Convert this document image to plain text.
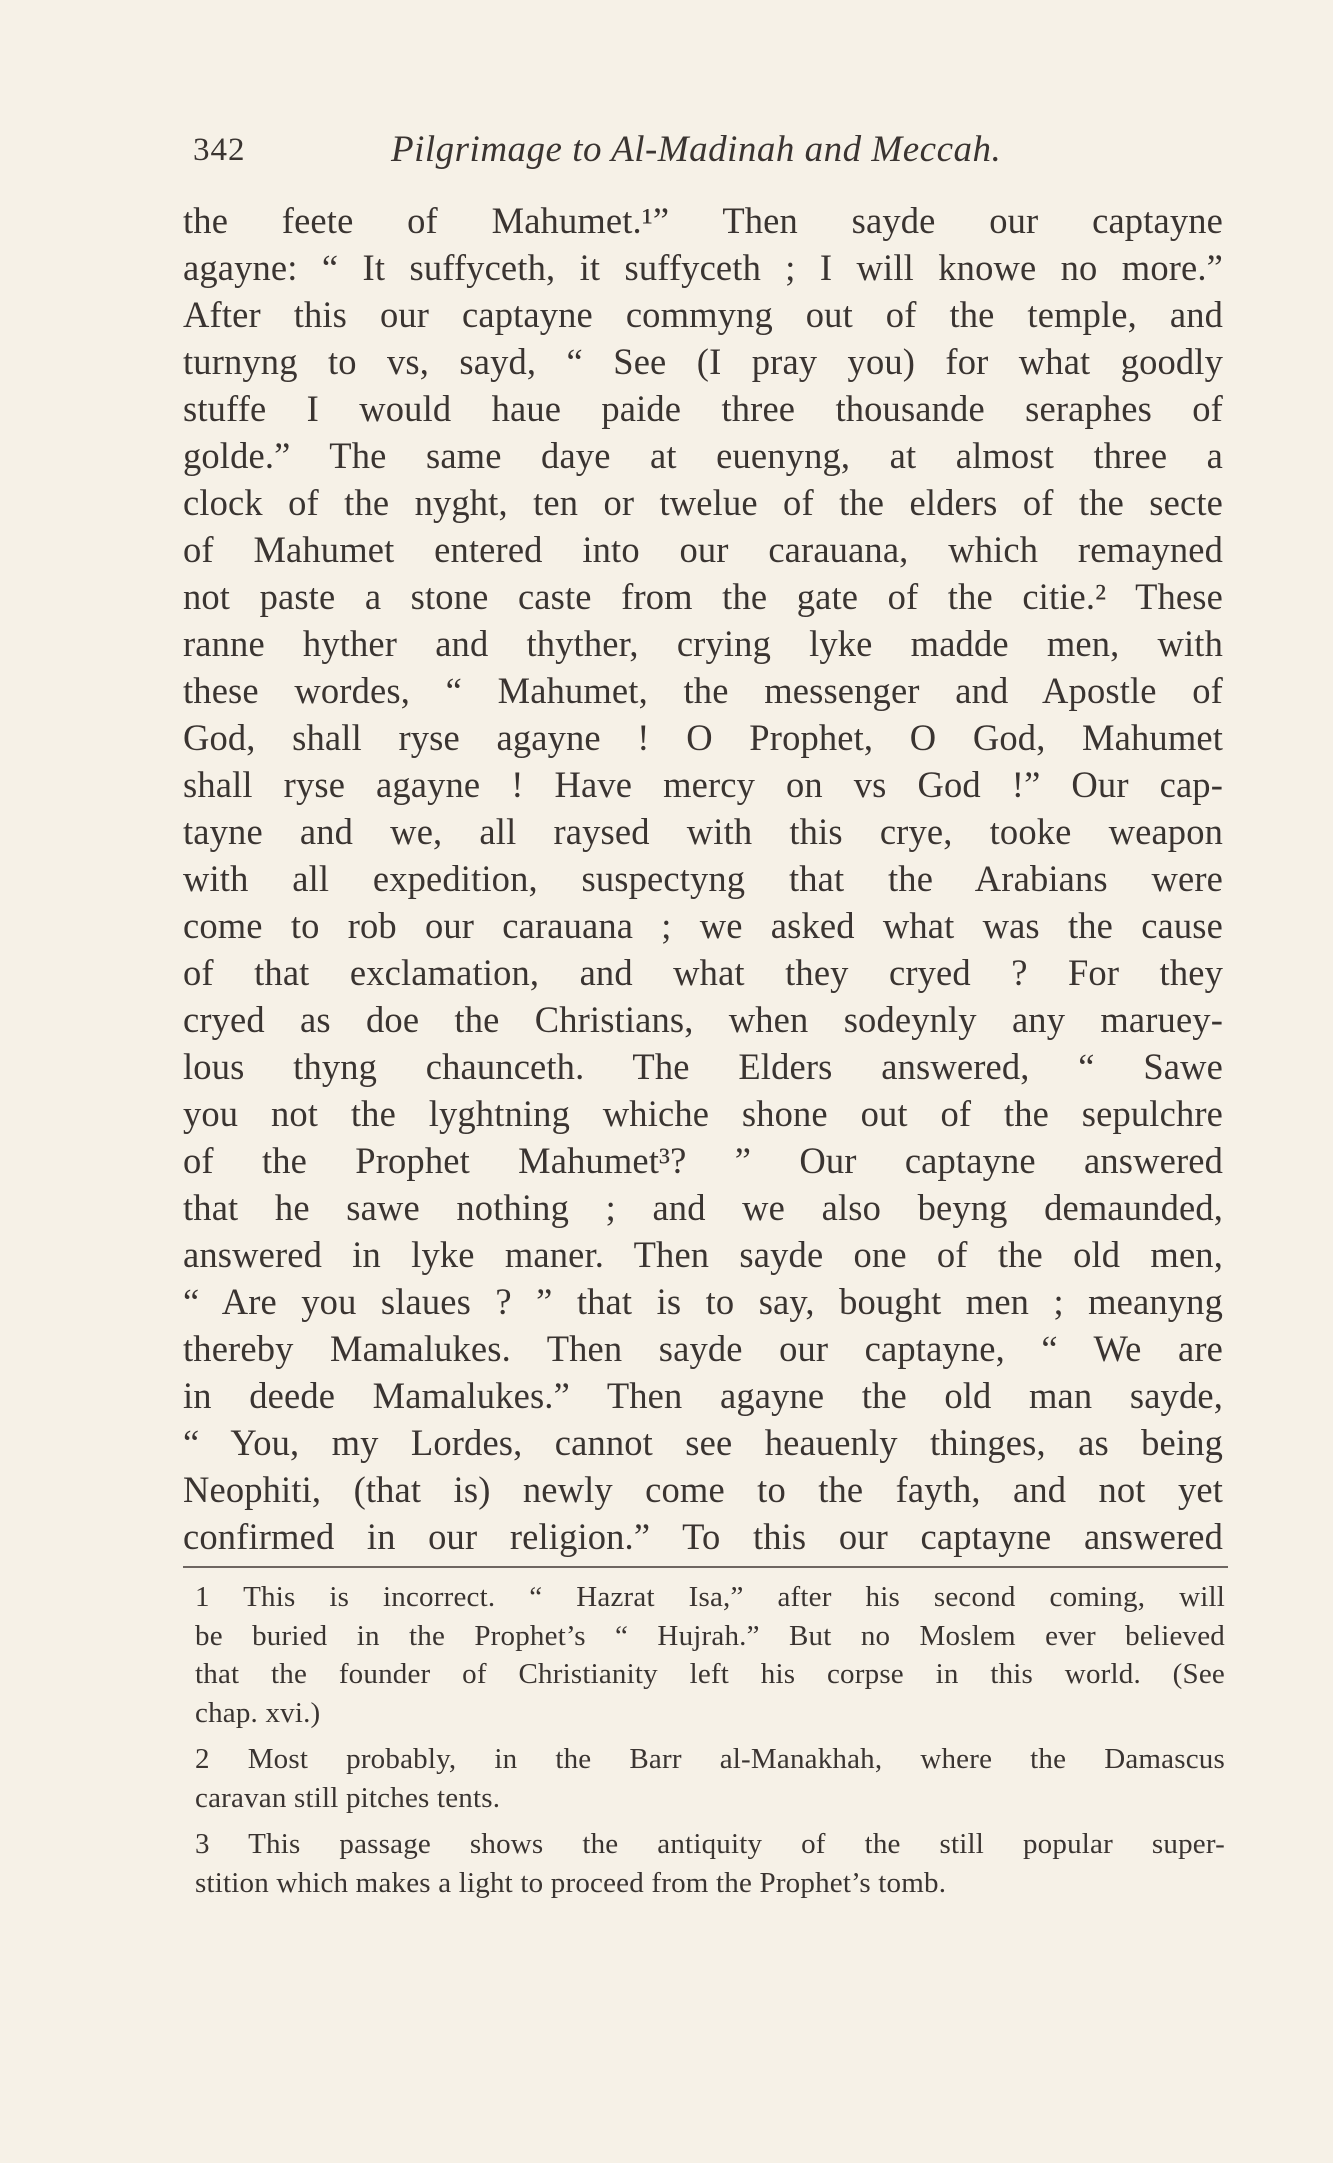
342	Pilgrimage to Al-Madinah and Meccah.
the feete of Mahumet.¹” Then sayde our captayne
agayne: “ It suffyceth, it suffyceth ; I will knowe no more.”
After this our captayne commyng out of the temple, and
turnyng to vs, sayd, “ See (I pray you) for what goodly
stuffe I would haue paide three thousande seraphes of
golde.” The same daye at euenyng, at almost three a
clock of the nyght, ten or twelue of the elders of the secte
of Mahumet entered into our carauana, which remayned
not paste a stone caste from the gate of the citie.² These
ranne hyther and thyther, crying lyke madde men, with
these wordes, “ Mahumet, the messenger and Apostle of
God, shall ryse agayne ! O Prophet, O God, Mahumet
shall ryse agayne ! Have mercy on vs God !” Our cap-
tayne and we, all raysed with this crye, tooke weapon
with all expedition, suspectyng that the Arabians were
come to rob our carauana ; we asked what was the cause
of that exclamation, and what they cryed ? For they
cryed as doe the Christians, when sodeynly any maruey-
lous thyng chaunceth. The Elders answered, “ Sawe
you not the lyghtning whiche shone out of the sepulchre
of the Prophet Mahumet³? ” Our captayne answered
that he sawe nothing ; and we also beyng demaunded,
answered in lyke maner. Then sayde one of the old men,
“ Are you slaues ? ” that is to say, bought men ; meanyng
thereby Mamalukes. Then sayde our captayne, “ We are
in deede Mamalukes.” Then agayne the old man sayde,
“ You, my Lordes, cannot see heauenly thinges, as being
Neophiti, (that is) newly come to the fayth, and not yet
confirmed in our religion.” To this our captayne answered
1 This is incorrect. “ Hazrat Isa,” after his second coming, will
be buried in the Prophet’s “ Hujrah.” But no Moslem ever believed
that the founder of Christianity left his corpse in this world. (See
chap. xvi.)
2 Most probably, in the Barr al-Manakhah, where the Damascus
caravan still pitches tents.
3 This passage shows the antiquity of the still popular super-
stition which makes a light to proceed from the Prophet’s tomb.
